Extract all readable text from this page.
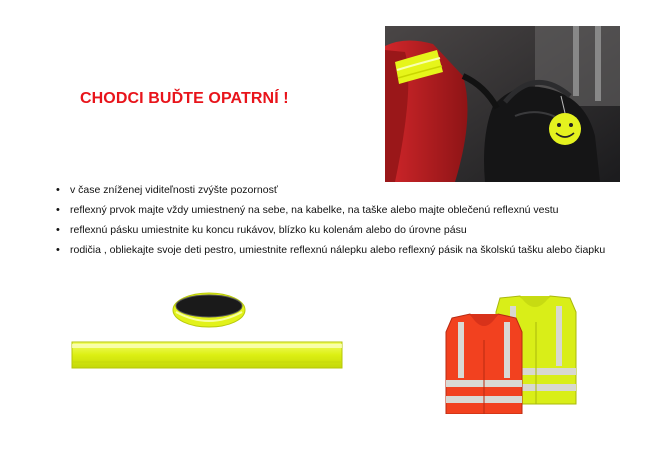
CHODCI BUĎTE OPATRNÍ !
• v čase zníženej viditeľnosti zvýšte pozornosť
• reflexný prvok majte vždy umiestnený na sebe, na kabelke, na taške alebo majte oblečenú reflexnú vestu
• reflexnú pásku umiestnite ku koncu rukávov, blízko ku kolenám alebo do úrovne pásu
• rodičia , obliekajte svoje deti pestro, umiestnite reflexnú nálepku alebo reflexný pásik na školskú tašku alebo čiapku
